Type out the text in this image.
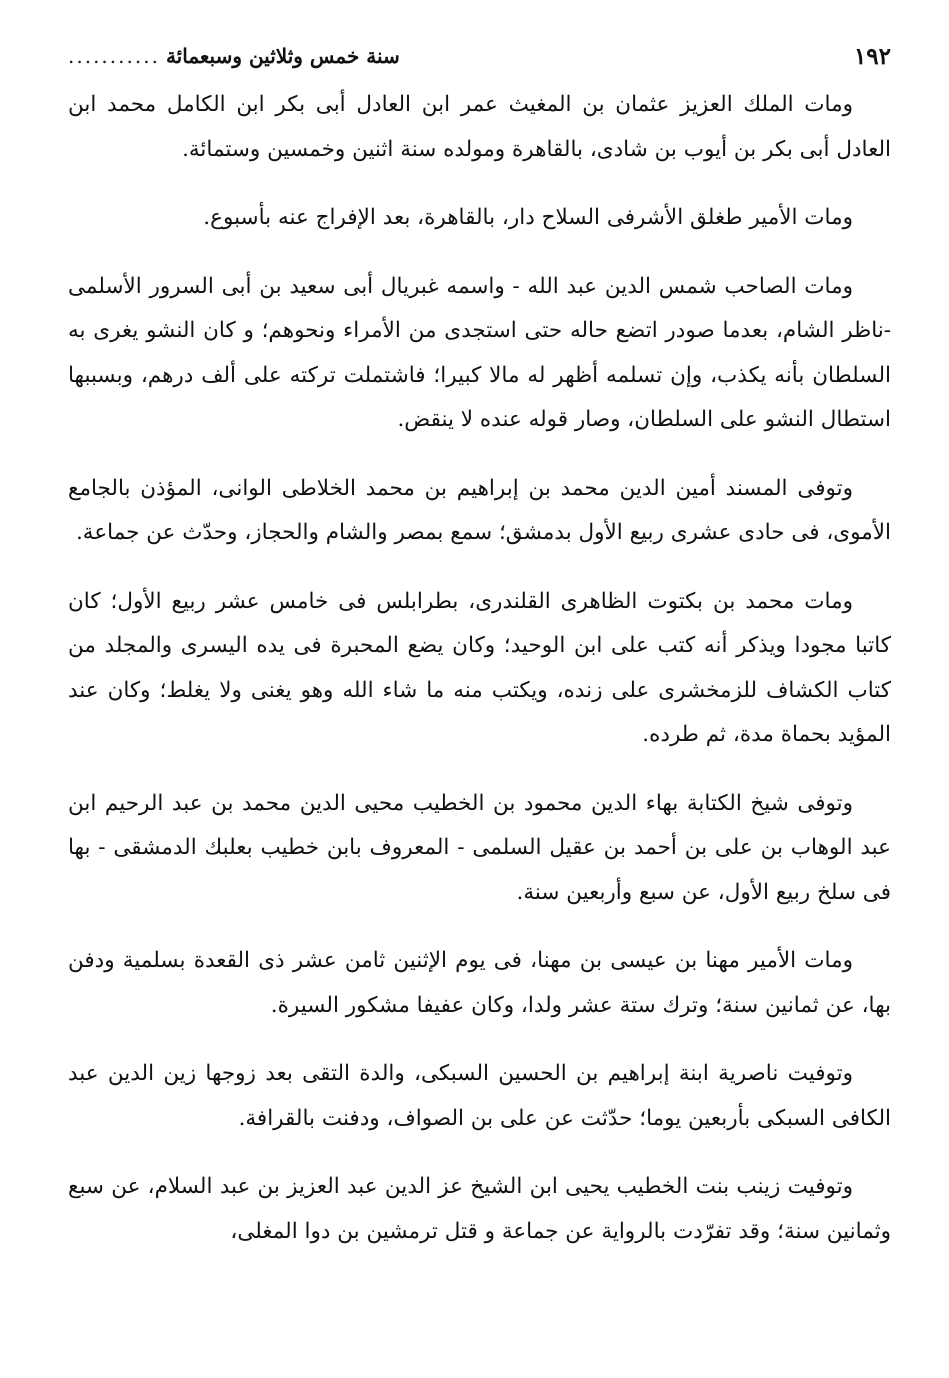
١٩٢
سنة خمس وثلاثين وسبعمائة
...........

ومات الملك العزيز عثمان بن المغيث عمر ابن العادل أبى بكر ابن الكامل محمد ابن العادل أبى بكر بن أيوب بن شادى، بالقاهرة ومولده سنة اثنين وخمسين وستمائة.

ومات الأمير طغلق الأشرفى السلاح دار، بالقاهرة، بعد الإفراج عنه بأسبوع.

ومات الصاحب شمس الدين عبد الله - واسمه غبريال أبى سعيد بن أبى السرور الأسلمى -ناظر الشام، بعدما صودر اتضع حاله حتى استجدى من الأمراء ونحوهم؛ و كان النشو يغرى به السلطان بأنه يكذب، وإن تسلمه أظهر له مالا كبيرا؛ فاشتملت تركته على ألف درهم، وبسببها استطال النشو على السلطان، وصار قوله عنده لا ينقض.

وتوفى المسند أمين الدين محمد بن إبراهيم بن محمد الخلاطى الوانى، المؤذن بالجامع الأموى، فى حادى عشرى ربيع الأول بدمشق؛ سمع بمصر والشام والحجاز، وحدّث عن جماعة.

ومات محمد بن بكتوت الظاهرى القلندرى، بطرابلس فى خامس عشر ربيع الأول؛ كان كاتبا مجودا ويذكر أنه كتب على ابن الوحيد؛ وكان يضع المحبرة فى يده اليسرى والمجلد من كتاب الكشاف للزمخشرى على زنده، ويكتب منه ما شاء الله وهو يغنى ولا يغلط؛ وكان عند المؤيد بحماة مدة، ثم طرده.

وتوفى شيخ الكتابة بهاء الدين محمود بن الخطيب محيى الدين محمد بن عبد الرحيم ابن عبد الوهاب بن على بن أحمد بن عقيل السلمى - المعروف بابن خطيب بعلبك الدمشقى - بها فى سلخ ربيع الأول، عن سبع وأربعين سنة.

ومات الأمير مهنا بن عيسى بن مهنا، فى يوم الإثنين ثامن عشر ذى القعدة بسلمية ودفن بها، عن ثمانين سنة؛ وترك ستة عشر ولدا، وكان عفيفا مشكور السيرة.

وتوفيت ناصرية ابنة إبراهيم بن الحسين السبكى، والدة التقى بعد زوجها زين الدين عبد الكافى السبكى بأربعين يوما؛ حدّثت عن على بن الصواف، ودفنت بالقرافة.

وتوفيت زينب بنت الخطيب يحيى ابن الشيخ عز الدين عبد العزيز بن عبد السلام، عن سبع وثمانين سنة؛ وقد تفرّدت بالرواية عن جماعة و قتل ترمشين بن دوا المغلى،
